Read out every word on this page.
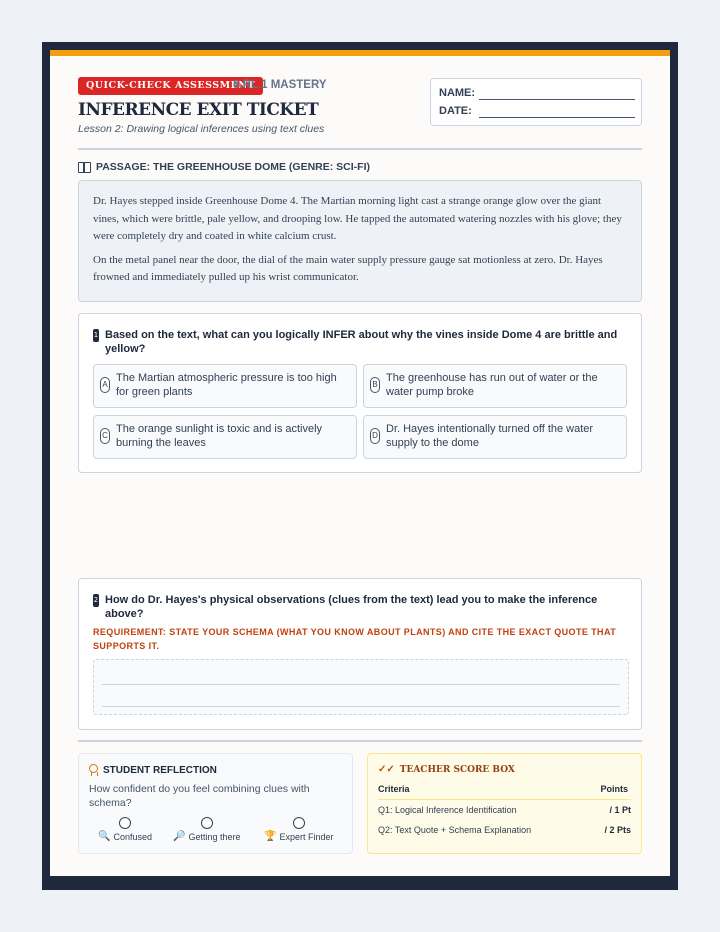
QUICK-CHECK ASSESSMENT
6.RL.1 MASTERY
INFERENCE EXIT TICKET
Lesson 2: Drawing logical inferences using text clues
NAME:
DATE:
PASSAGE: THE GREENHOUSE DOME (GENRE: SCI-FI)

Dr. Hayes stepped inside Greenhouse Dome 4. The Martian morning light cast a strange orange glow over the giant vines, which were brittle, pale yellow, and drooping low. He tapped the automated watering nozzles with his glove; they were completely dry and coated in white calcium crust.

On the metal panel near the door, the dial of the main water supply pressure gauge sat motionless at zero. Dr. Hayes frowned and immediately pulled up his wrist communicator.

1 Based on the text, what can you logically INFER about why the vines inside Dome 4 are brittle and yellow?
A
The Martian atmospheric pressure is too high for green plants
B
The greenhouse has run out of water or the water pump broke
C
The orange sunlight is toxic and is actively burning the leaves
D
Dr. Hayes intentionally turned off the water supply to the dome
2 How do Dr. Hayes's physical observations (clues from the text) lead you to make the inference above?
REQUIREMENT: STATE YOUR SCHEMA (WHAT YOU KNOW ABOUT PLANTS) AND CITE THE EXACT QUOTE THAT SUPPORTS IT.
STUDENT REFLECTION
How confident do you feel combining clues with schema?
🔍 Confused 🔎 Getting there 🏆 Expert Finder
✓✓ TEACHER SCORE BOX
Criteria	Points
Q1: Logical Inference Identification	/ 1 Pt
Q2: Text Quote + Schema Explanation	/ 2 Pts
